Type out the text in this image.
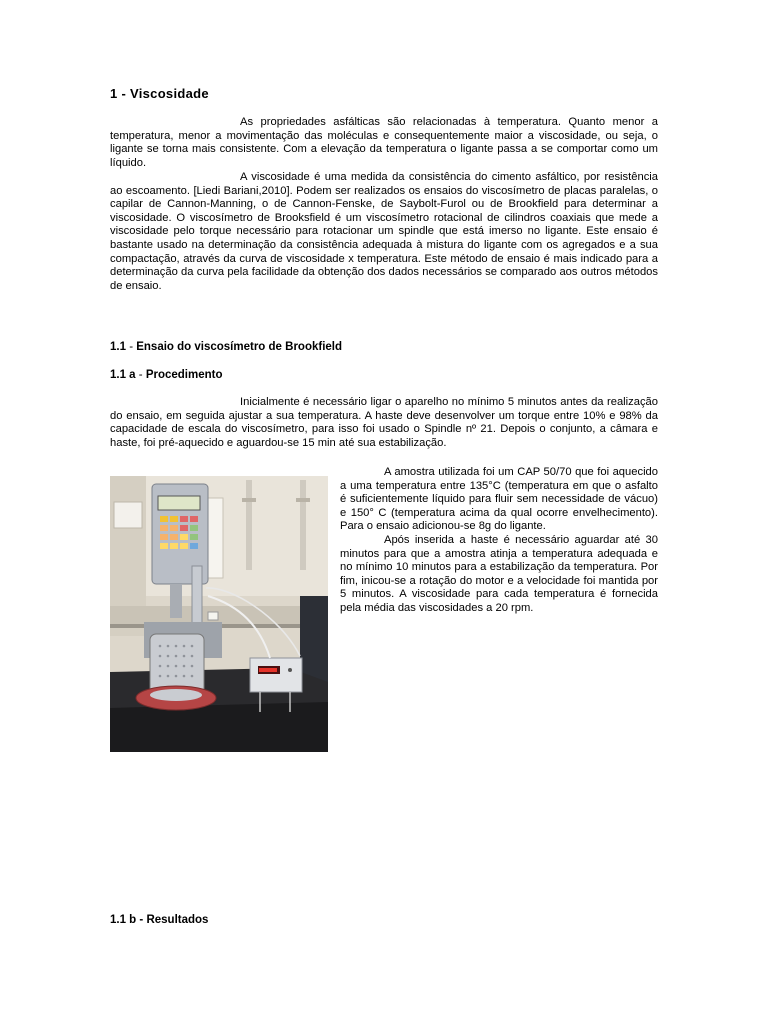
1 - Viscosidade

As propriedades asfálticas são relacionadas à temperatura. Quanto menor a temperatura, menor a movimentação das moléculas e consequentemente maior a viscosidade, ou seja, o ligante se torna mais consistente. Com a elevação da temperatura o ligante passa a se comportar como um líquido.

A viscosidade é uma medida da consistência do cimento asfáltico, por resistência ao escoamento. [Liedi Bariani,2010]. Podem ser realizados os ensaios do viscosímetro de placas paralelas, o capilar de Cannon-Manning, o de Cannon-Fenske, de Saybolt-Furol ou de Brookfield para determinar a viscosidade. O viscosímetro de Brooksfield é um viscosímetro rotacional de cilindros coaxiais que mede a viscosidade pelo torque necessário para rotacionar um spindle que está imerso no ligante. Este ensaio é bastante usado na determinação da consistência adequada à mistura do ligante com os agregados e a sua compactação, através da curva de viscosidade x temperatura. Este método de ensaio é mais indicado para a determinação da curva pela facilidade da obtenção dos dados necessários se comparado aos outros métodos de ensaio.

1.1 - Ensaio do viscosímetro de Brookfield
1.1 a - Procedimento

Inicialmente é necessário ligar o aparelho no mínimo 5 minutos antes da realização do ensaio, em seguida ajustar a sua temperatura. A haste deve desenvolver um torque entre 10% e 98% da capacidade de escala do viscosímetro, para isso foi usado o Spindle nº 21. Depois o conjunto, a câmara e haste, foi pré-aquecido e aguardou-se 15 min até sua estabilização.

A amostra utilizada foi um CAP 50/70 que foi aquecido a uma temperatura entre 135°C (temperatura em que o asfalto é suficientemente líquido para fluir sem necessidade de vácuo) e 150° C (temperatura acima da qual ocorre envelhecimento). Para o ensaio adicionou-se 8g do ligante.
Após inserida a haste é necessário aguardar até 30 minutos para que a amostra atinja a temperatura adequada e no mínimo 10 minutos para a estabilização da temperatura. Por fim, inicou-se a rotação do motor e a velocidade foi mantida por 5 minutos. A viscosidade para cada temperatura é fornecida pela média das viscosidades a 20 rpm.
1.1 b - Resultados
